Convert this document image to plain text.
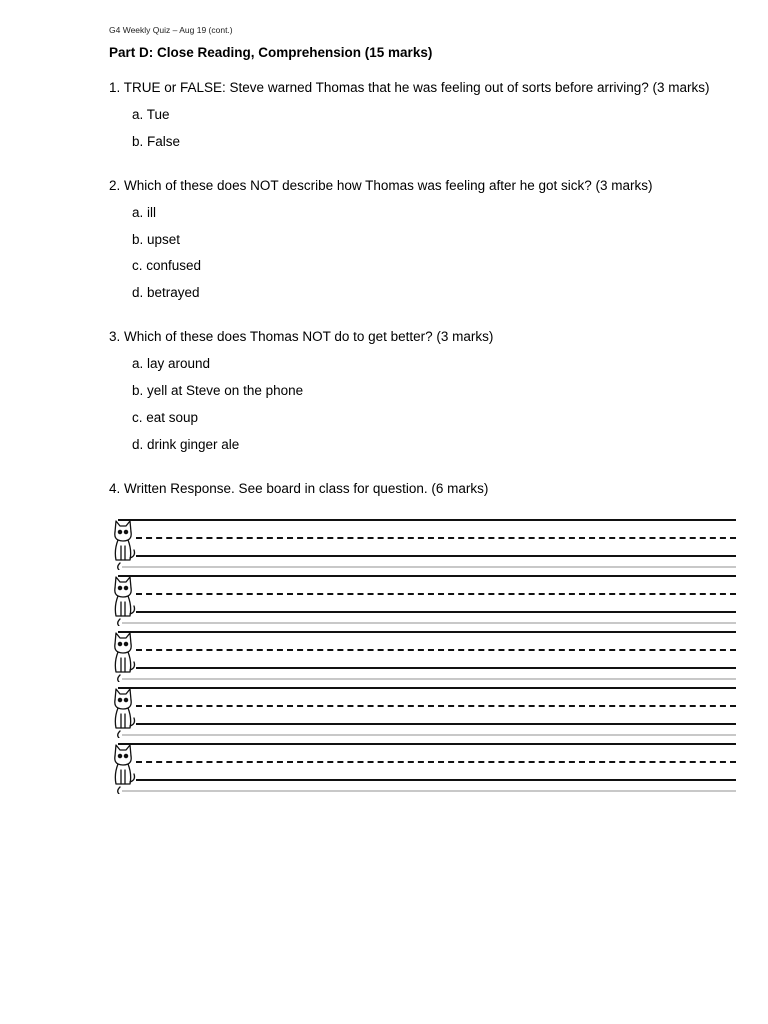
G4 Weekly Quiz – Aug 19 (cont.)
Part D: Close Reading, Comprehension (15 marks)
1. TRUE or FALSE: Steve warned Thomas that he was feeling out of sorts before arriving? (3 marks)
a. Tue
b. False
2. Which of these does NOT describe how Thomas was feeling after he got sick? (3 marks)
a. ill
b. upset
c. confused
d. betrayed
3. Which of these does Thomas NOT do to get better? (3 marks)
a. lay around
b. yell at Steve on the phone
c. eat soup
d. drink ginger ale
4. Written Response. See board in class for question. (6 marks)
